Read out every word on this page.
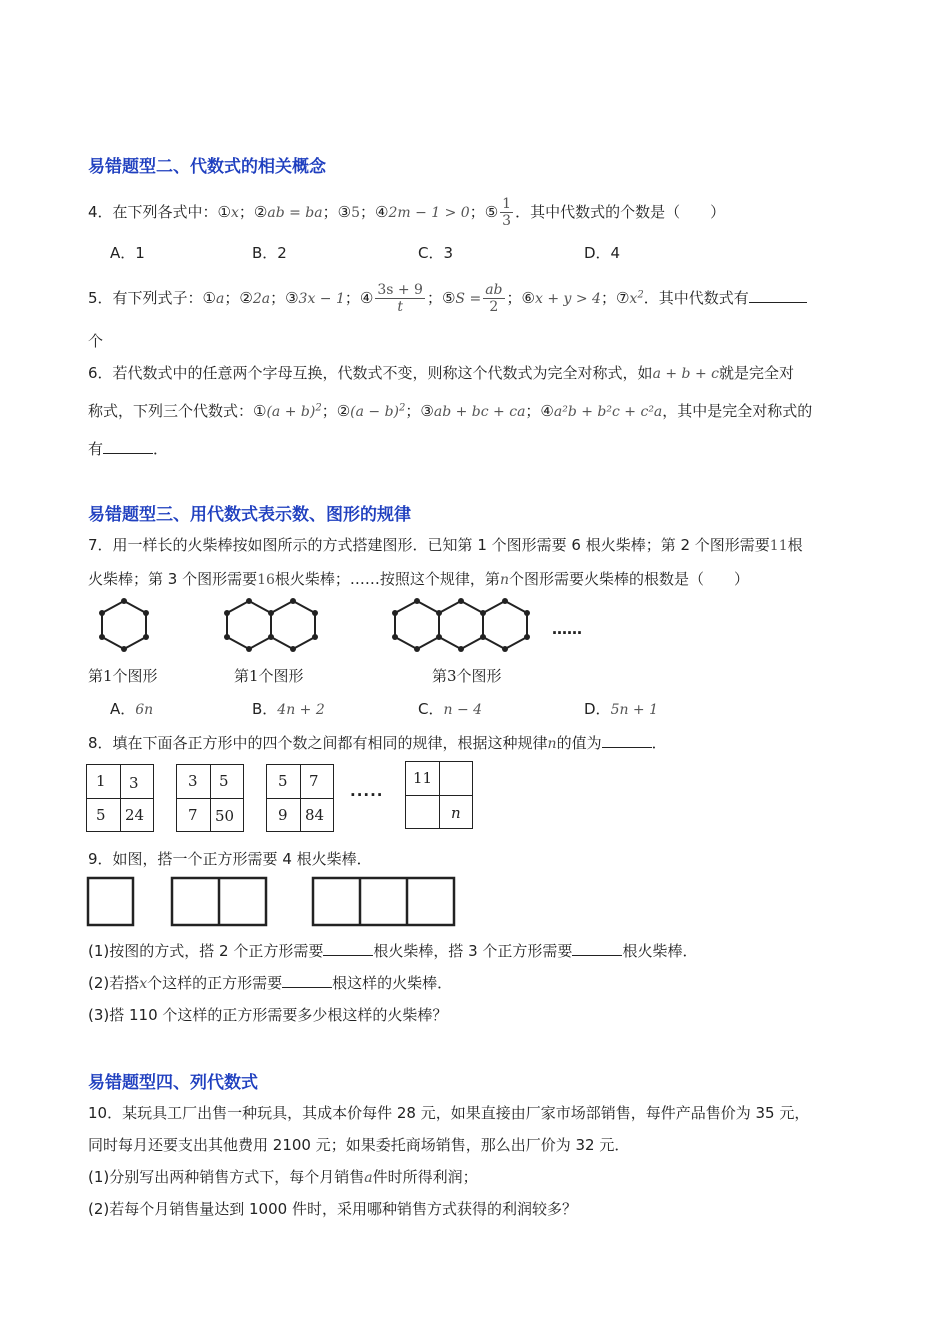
易错题型二、代数式的相关概念
4．在下列各式中：①x；②ab = ba；③5；④2m − 1 > 0；⑤ $\frac{1}{3}$ ．其中代数式的个数是（　　）
A．1	B．2	C．3	D．4
5．有下列式子：①a；②2a；③3x − 1；④ $\frac{3s + 9}{t}$ ；⑤S = $\frac{ab}{2}$ ；⑥x + y > 4；$⑦x^2$．其中代数式有
个
6．若代数式中的任意两个字母互换，代数式不变，则称这个代数式为完全对称式，如a + b + c就是完全对
称式，下列三个代数式：①(a + b)$^2$；②(a − b)$^2$；③ab + bc + ca；④a²b + b²c + c²a，其中是完全对称式的
有	．
易错题型三、用代数式表示数、图形的规律
7．用一样长的火柴棒按如图所示的方式搭建图形．已知第 1 个图形需要 6 根火柴棒；第 2 个图形需要11根
火柴棒；第 3 个图形需要16根火柴棒；……按照这个规律，第n个图形需要火柴棒的根数是（　　）
……
第1个图形	第1个图形	第3个图形
A．6n	B．4n + 2	C．n − 4	D．5n + 1
8．填在下面各正方形中的四个数之间都有相同的规律，根据这种规律n的值为	．
1 3
5 24
3 5
7 50
5 7
9 84
·····
11
n
9．如图，搭一个正方形需要 4 根火柴棒．
(1)按图的方式，搭 2 个正方形需要	根火柴棒，搭 3 个正方形需要	根火柴棒．
(2)若搭x个这样的正方形需要	根这样的火柴棒．
(3)搭 110 个这样的正方形需要多少根这样的火柴棒？
易错题型四、列代数式
10．某玩具工厂出售一种玩具，其成本价每件 28 元，如果直接由厂家市场部销售，每件产品售价为 35 元，
同时每月还要支出其他费用 2100 元；如果委托商场销售，那么出厂价为 32 元．
(1)分别写出两种销售方式下，每个月销售a件时所得利润；
(2)若每个月销售量达到 1000 件时，采用哪种销售方式获得的利润较多？
